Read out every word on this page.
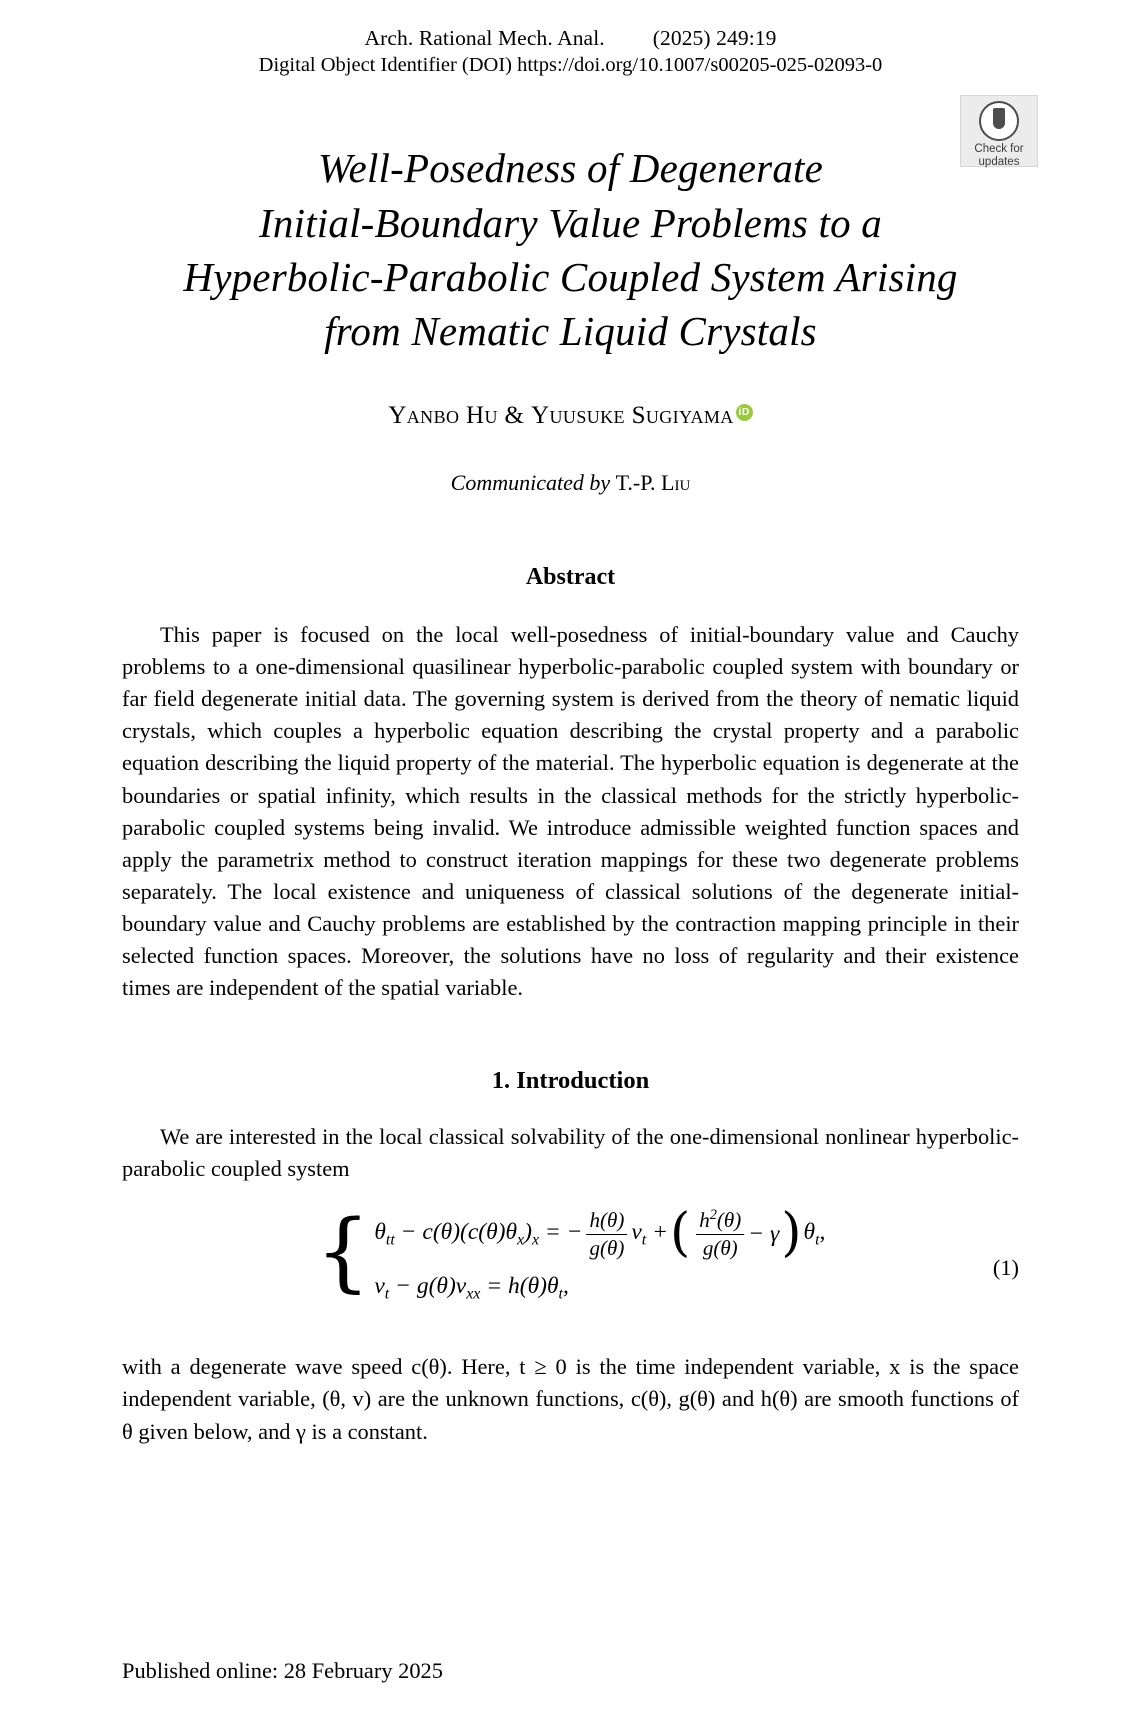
Arch. Rational Mech. Anal. (2025) 249:19
Digital Object Identifier (DOI) https://doi.org/10.1007/s00205-025-02093-0
Check for
updates
Well-Posedness of Degenerate
Initial-Boundary Value Problems to a
Hyperbolic-Parabolic Coupled System Arising
from Nematic Liquid Crystals
Yanbo Hu & Yuusuke SugiyamaiD
Communicated by T.-P. Liu
Abstract
This paper is focused on the local well-posedness of initial-boundary value and Cauchy problems to a one-dimensional quasilinear hyperbolic-parabolic coupled system with boundary or far field degenerate initial data. The governing system is derived from the theory of nematic liquid crystals, which couples a hyperbolic equation describing the crystal property and a parabolic equation describing the liquid property of the material. The hyperbolic equation is degenerate at the boundaries or spatial infinity, which results in the classical methods for the strictly hyperbolic-parabolic coupled systems being invalid. We introduce admissible weighted function spaces and apply the parametrix method to construct iteration mappings for these two degenerate problems separately. The local existence and uniqueness of classical solutions of the degenerate initial-boundary value and Cauchy problems are established by the contraction mapping principle in their selected function spaces. Moreover, the solutions have no loss of regularity and their existence times are independent of the spatial variable.
1. Introduction
We are interested in the local classical solvability of the one-dimensional nonlinear hyperbolic-parabolic coupled system
{ $\theta_{tt} - c(\theta)(c(\theta)\theta_x)_x$ = − $\frac{h(\theta)}{g(\theta)} v_t$ + ( $\frac{h^2(\theta)}{g(\theta)} - \gamma$ ) $\theta_t$,
$v_t - g(\theta)v_{xx} = h(\theta)\theta_t$,
(1)
with a degenerate wave speed c(θ). Here, t ≥ 0 is the time independent variable, x is the space independent variable, (θ, v) are the unknown functions, c(θ), g(θ) and h(θ) are smooth functions of θ given below, and γ is a constant.
Published online: 28 February 2025
